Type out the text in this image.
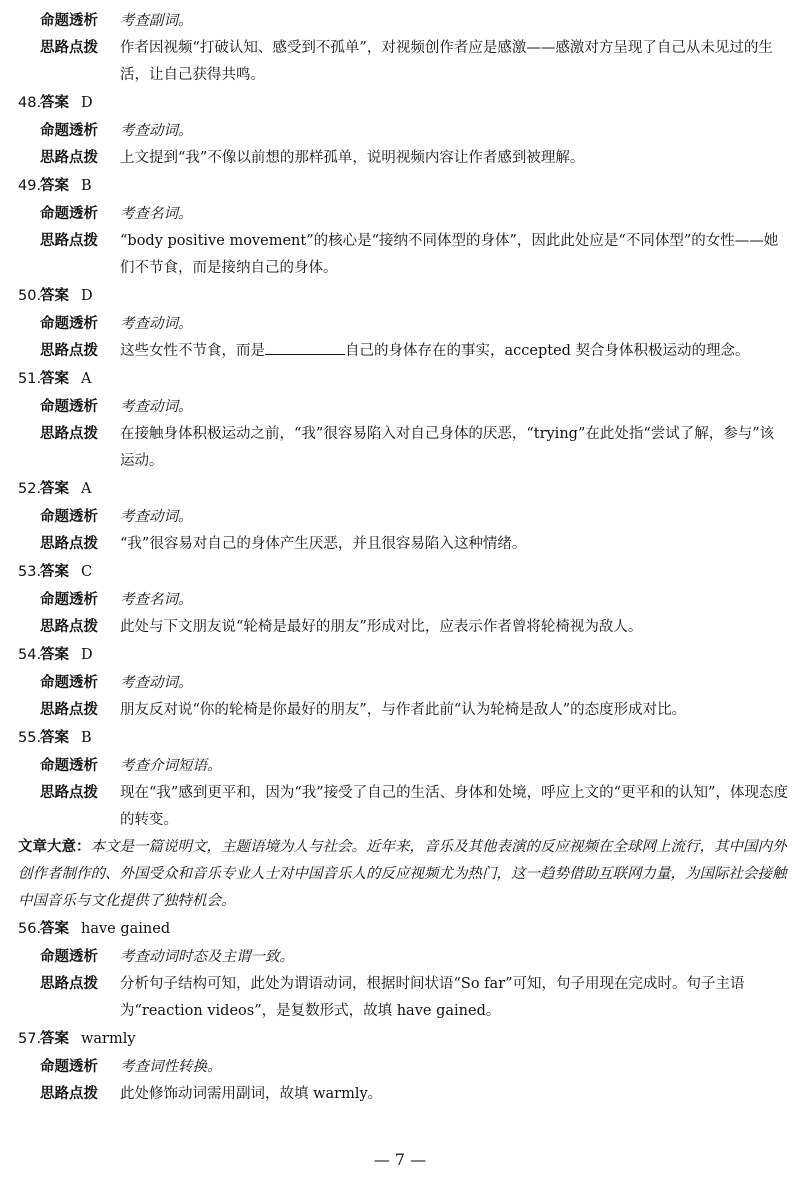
命题透析	考查副词。
思路点拨	作者因视频“打破认知、感受到不孤单”，对视频创作者应是感激——感激对方呈现了自己从未见过的生活，让自己获得共鸣。
48.答案 D
命题透析	考查动词。
思路点拨	上文提到“我”不像以前想的那样孤单，说明视频内容让作者感到被理解。
49.答案 B
命题透析	考查名词。
思路点拨	“body positive movement”的核心是“接纳不同体型的身体”，因此此处应是“不同体型”的女性——她们不节食，而是接纳自己的身体。
50.答案 D
命题透析	考查动词。
思路点拨	这些女性不节食，而是	自己的身体存在的事实，accepted 契合身体积极运动的理念。
51.答案 A
命题透析	考查动词。
思路点拨	在接触身体积极运动之前，“我”很容易陷入对自己身体的厌恶，“trying”在此处指“尝试了解，参与”该运动。
52.答案 A
命题透析	考查动词。
思路点拨	“我”很容易对自己的身体产生厌恶，并且很容易陷入这种情绪。
53.答案 C
命题透析	考查名词。
思路点拨	此处与下文朋友说“轮椅是最好的朋友”形成对比，应表示作者曾将轮椅视为敌人。
54.答案 D
命题透析	考查动词。
思路点拨	朋友反对说“你的轮椅是你最好的朋友”，与作者此前“认为轮椅是敌人”的态度形成对比。
55.答案 B
命题透析	考查介词短语。
思路点拨	现在“我”感到更平和，因为“我”接受了自己的生活、身体和处境，呼应上文的“更平和的认知”，体现态度的转变。
文章大意：本文是一篇说明文，主题语境为人与社会。近年来，音乐及其他表演的反应视频在全球网上流行，其中国内外创作者制作的、外国受众和音乐专业人士对中国音乐人的反应视频尤为热门，这一趋势借助互联网力量，为国际社会接触中国音乐与文化提供了独特机会。
56.答案 have gained
命题透析	考查动词时态及主谓一致。
思路点拨	分析句子结构可知，此处为谓语动词，根据时间状语“So far”可知，句子用现在完成时。句子主语为“reaction videos”，是复数形式，故填 have gained。
57.答案 warmly
命题透析	考查词性转换。
思路点拨	此处修饰动词需用副词，故填 warmly。
— 7 —
